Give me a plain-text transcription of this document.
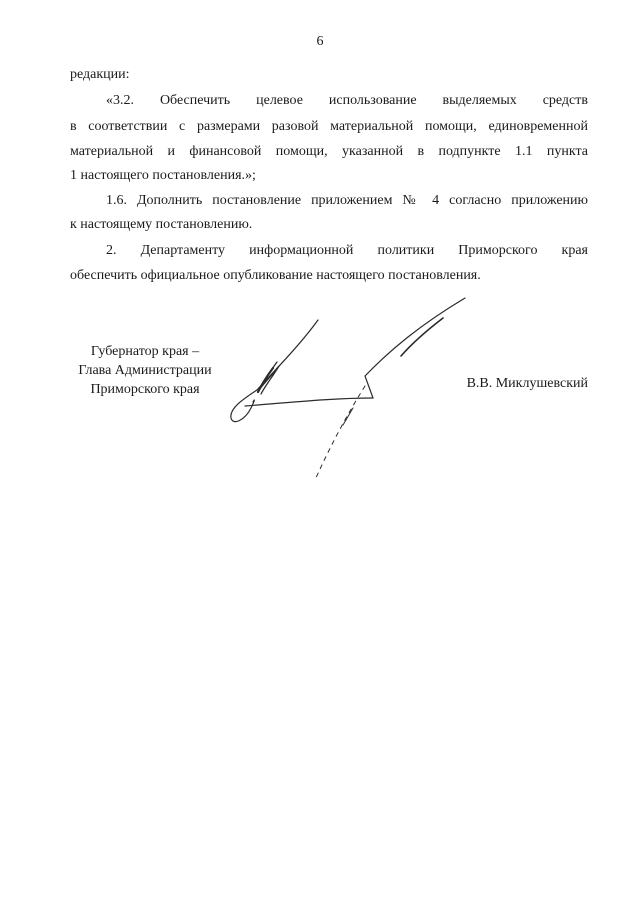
6
редакции:
«3.2. Обеспечить целевое использование выделяемых средств
в соответствии с размерами разовой материальной помощи, единовременной
материальной и финансовой помощи, указанной в подпункте 1.1 пункта
1 настоящего постановления.»;
1.6. Дополнить постановление приложением № 4 согласно приложению
к настоящему постановлению.
2. Департаменту информационной политики Приморского края
обеспечить официальное опубликование настоящего постановления.
Губернатор края –
Глава Администрации
Приморского края	В.В. Миклушевский
